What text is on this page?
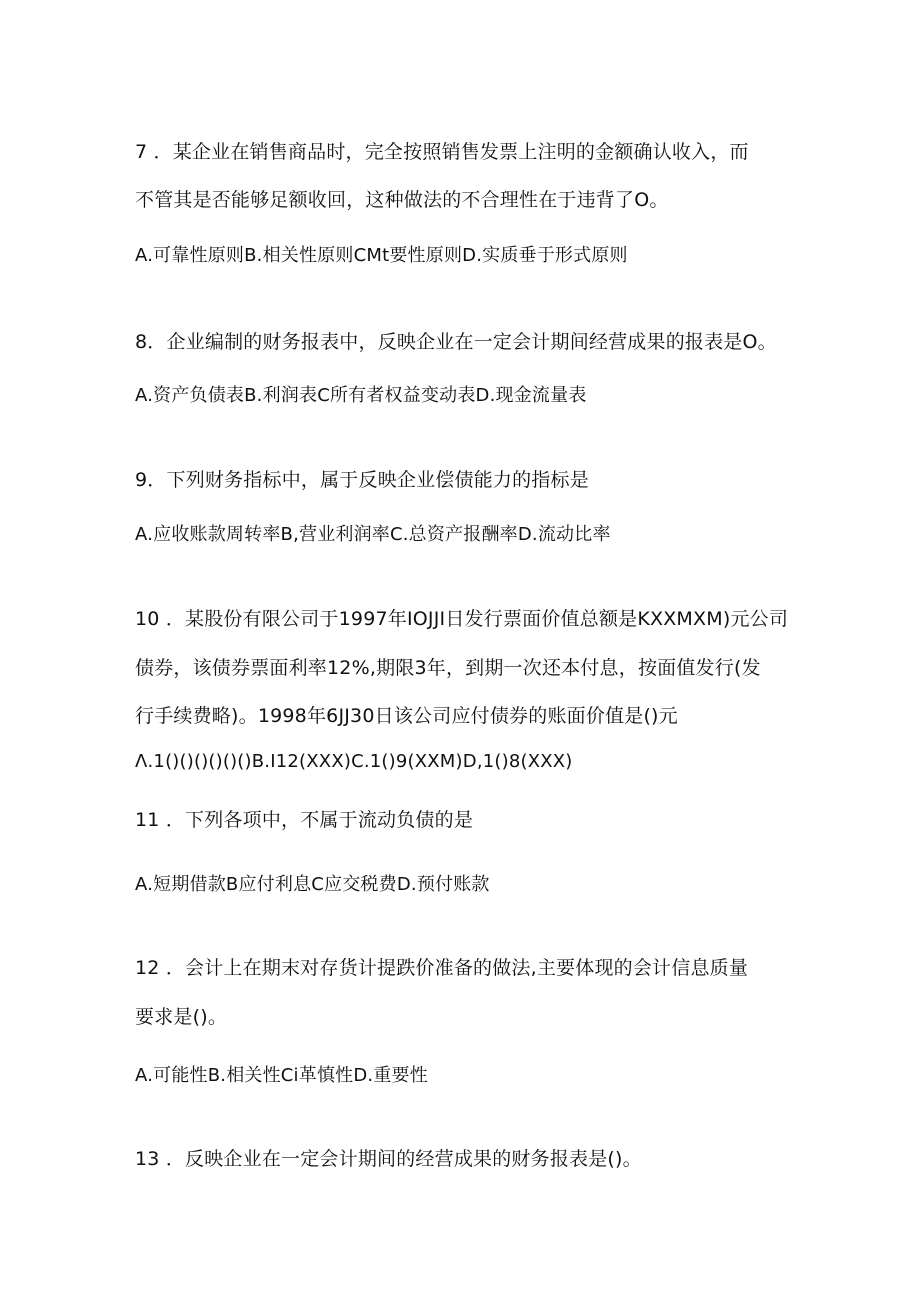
7 ．某企业在销售商品时，完全按照销售发票上注明的金额确认收入，而
不管其是否能够足额收回，这种做法的不合理性在于违背了O。
A.可靠性原则B.相关性原则CMt要性原则D.实质垂于形式原则
8．企业编制的财务报表中，反映企业在一定会计期间经营成果的报表是O。
A.资产负债表B.利润表C所有者权益变动表D.现金流量表
9．下列财务指标中，属于反映企业偿债能力的指标是
A.应收账款周转率B,营业利润率C.总资产报酬率D.流动比率
10 ．某股份有限公司于1997年IOJJI日发行票面价值总额是KXXMXM)元公司
债券，该债券票面利率12%,期限3年，到期一次还本付息，按面值发行(发
行手续费略)。1998年6JJ30日该公司应付债券的账面价值是()元
Λ.1()()()()()()B.I12(XXX)C.1()9(XXM)D,1()8(XXX)
11 ．下列各项中，不属于流动负债的是
A.短期借款B应付利息C应交税费D.预付账款
12 ．会计上在期末对存货计提跌价准备的做法,主要体现的会计信息质量
要求是()。
A.可能性B.相关性Ci革慎性D.重要性
13 ．反映企业在一定会计期间的经营成果的财务报表是()。
